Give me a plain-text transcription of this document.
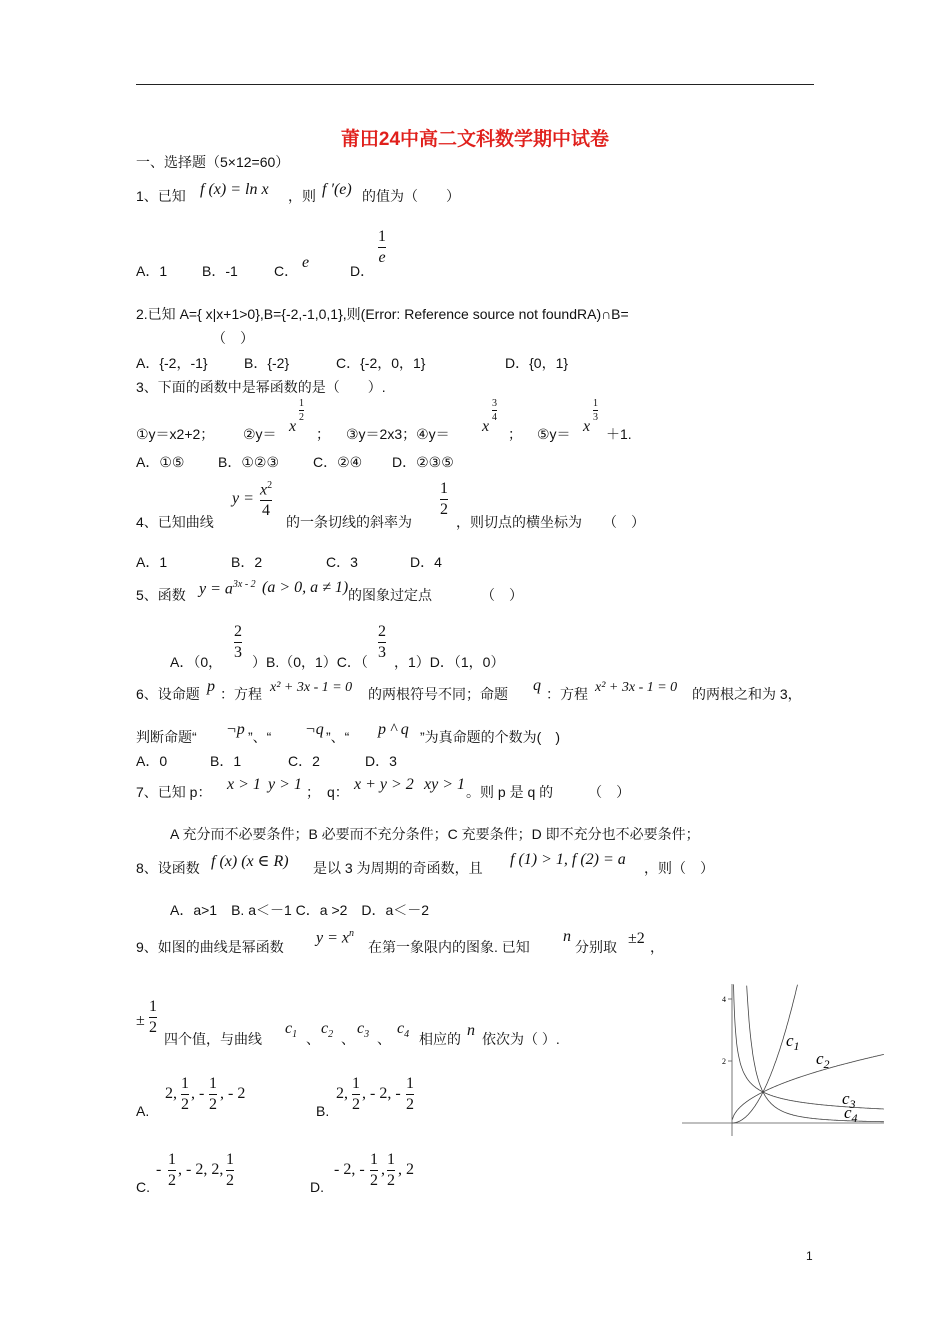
莆田24中高二文科数学期中试卷
一、选择题（5×12=60）
1、已知 f (x) = ln x ，则 f ′(e) 的值为（　　）
A．1 B．-1	C． e	D．
1
e
2.已知 A={ x|x+1>0},B={-2,-1,0,1},则(Error: Reference source not foundRA)∩B=
（　）
A．{-2，-1}	B．{-2}	C．{-2，0，1}	D．{0，1}
3、下面的函数中是幂函数的是（　　）.
①y＝x2+2； ②y＝ x
1
2
； ③y＝2x3；④y＝ x
3
4
； ⑤y＝ x
1
3
＋1.
A．①⑤ B．①②③ C．②④ D．②③⑤
4、已知曲线
y =
$x^2$
4
的一条切线的斜率为
1
2
，则切点的横坐标为　　（　）
A．1	B．2	C．3	D．4
5、函数 $y = a^{3x - 2}$ (a > 0, a ≠ 1) 的图象过定点　　　　（　）
A．（0，
2
3
）B.（0，1）C．（
2
3
，1）D．（1，0）
6、设命题 p ：方程 x² + 3x - 1 = 0 的两根符号不同；命题 q ：方程 x² + 3x - 1 = 0 的两根之和为 3，
判断命题“ ¬p ”、“ ¬q ”、“ p ^ q ”为真命题的个数为(　)
A．0	B．1	C．2	D．3
7、已知 p： x > 1 y > 1 ；　q： x + y > 2 xy > 1 。则 p 是 q 的　　　（　）
A 充分而不必要条件；B 必要而不充分条件；C 充要条件；D 即不充分也不必要条件；
8、设函数 f (x) (x ∈ R) 是以 3 为周期的奇函数，且 f (1) > 1, f (2) = a ，则（　）
A．a>1　B. a＜－1 C．a >2　D．a＜－2
9、如图的曲线是幂函数
$y = x^n$
在第一象限内的图象. 已知
n
分别取 ±2 ，
±
1
2
四个值，与曲线
$c_1$ 、
$c_2$ 、
$c_3$ 、
$c_4$ 相应的 n 依次为（ ）.
A.
2,
1
2
, -
1
2
, - 2
B.
2,
1
2
, - 2, -
1
2
C.
-
1
2
, - 2, 2,
1
2	D.
- 2, -
1
2
,
1
2
, 2
4
2
$c_1$
$c_2$
$c_3$
$c_4$
1
